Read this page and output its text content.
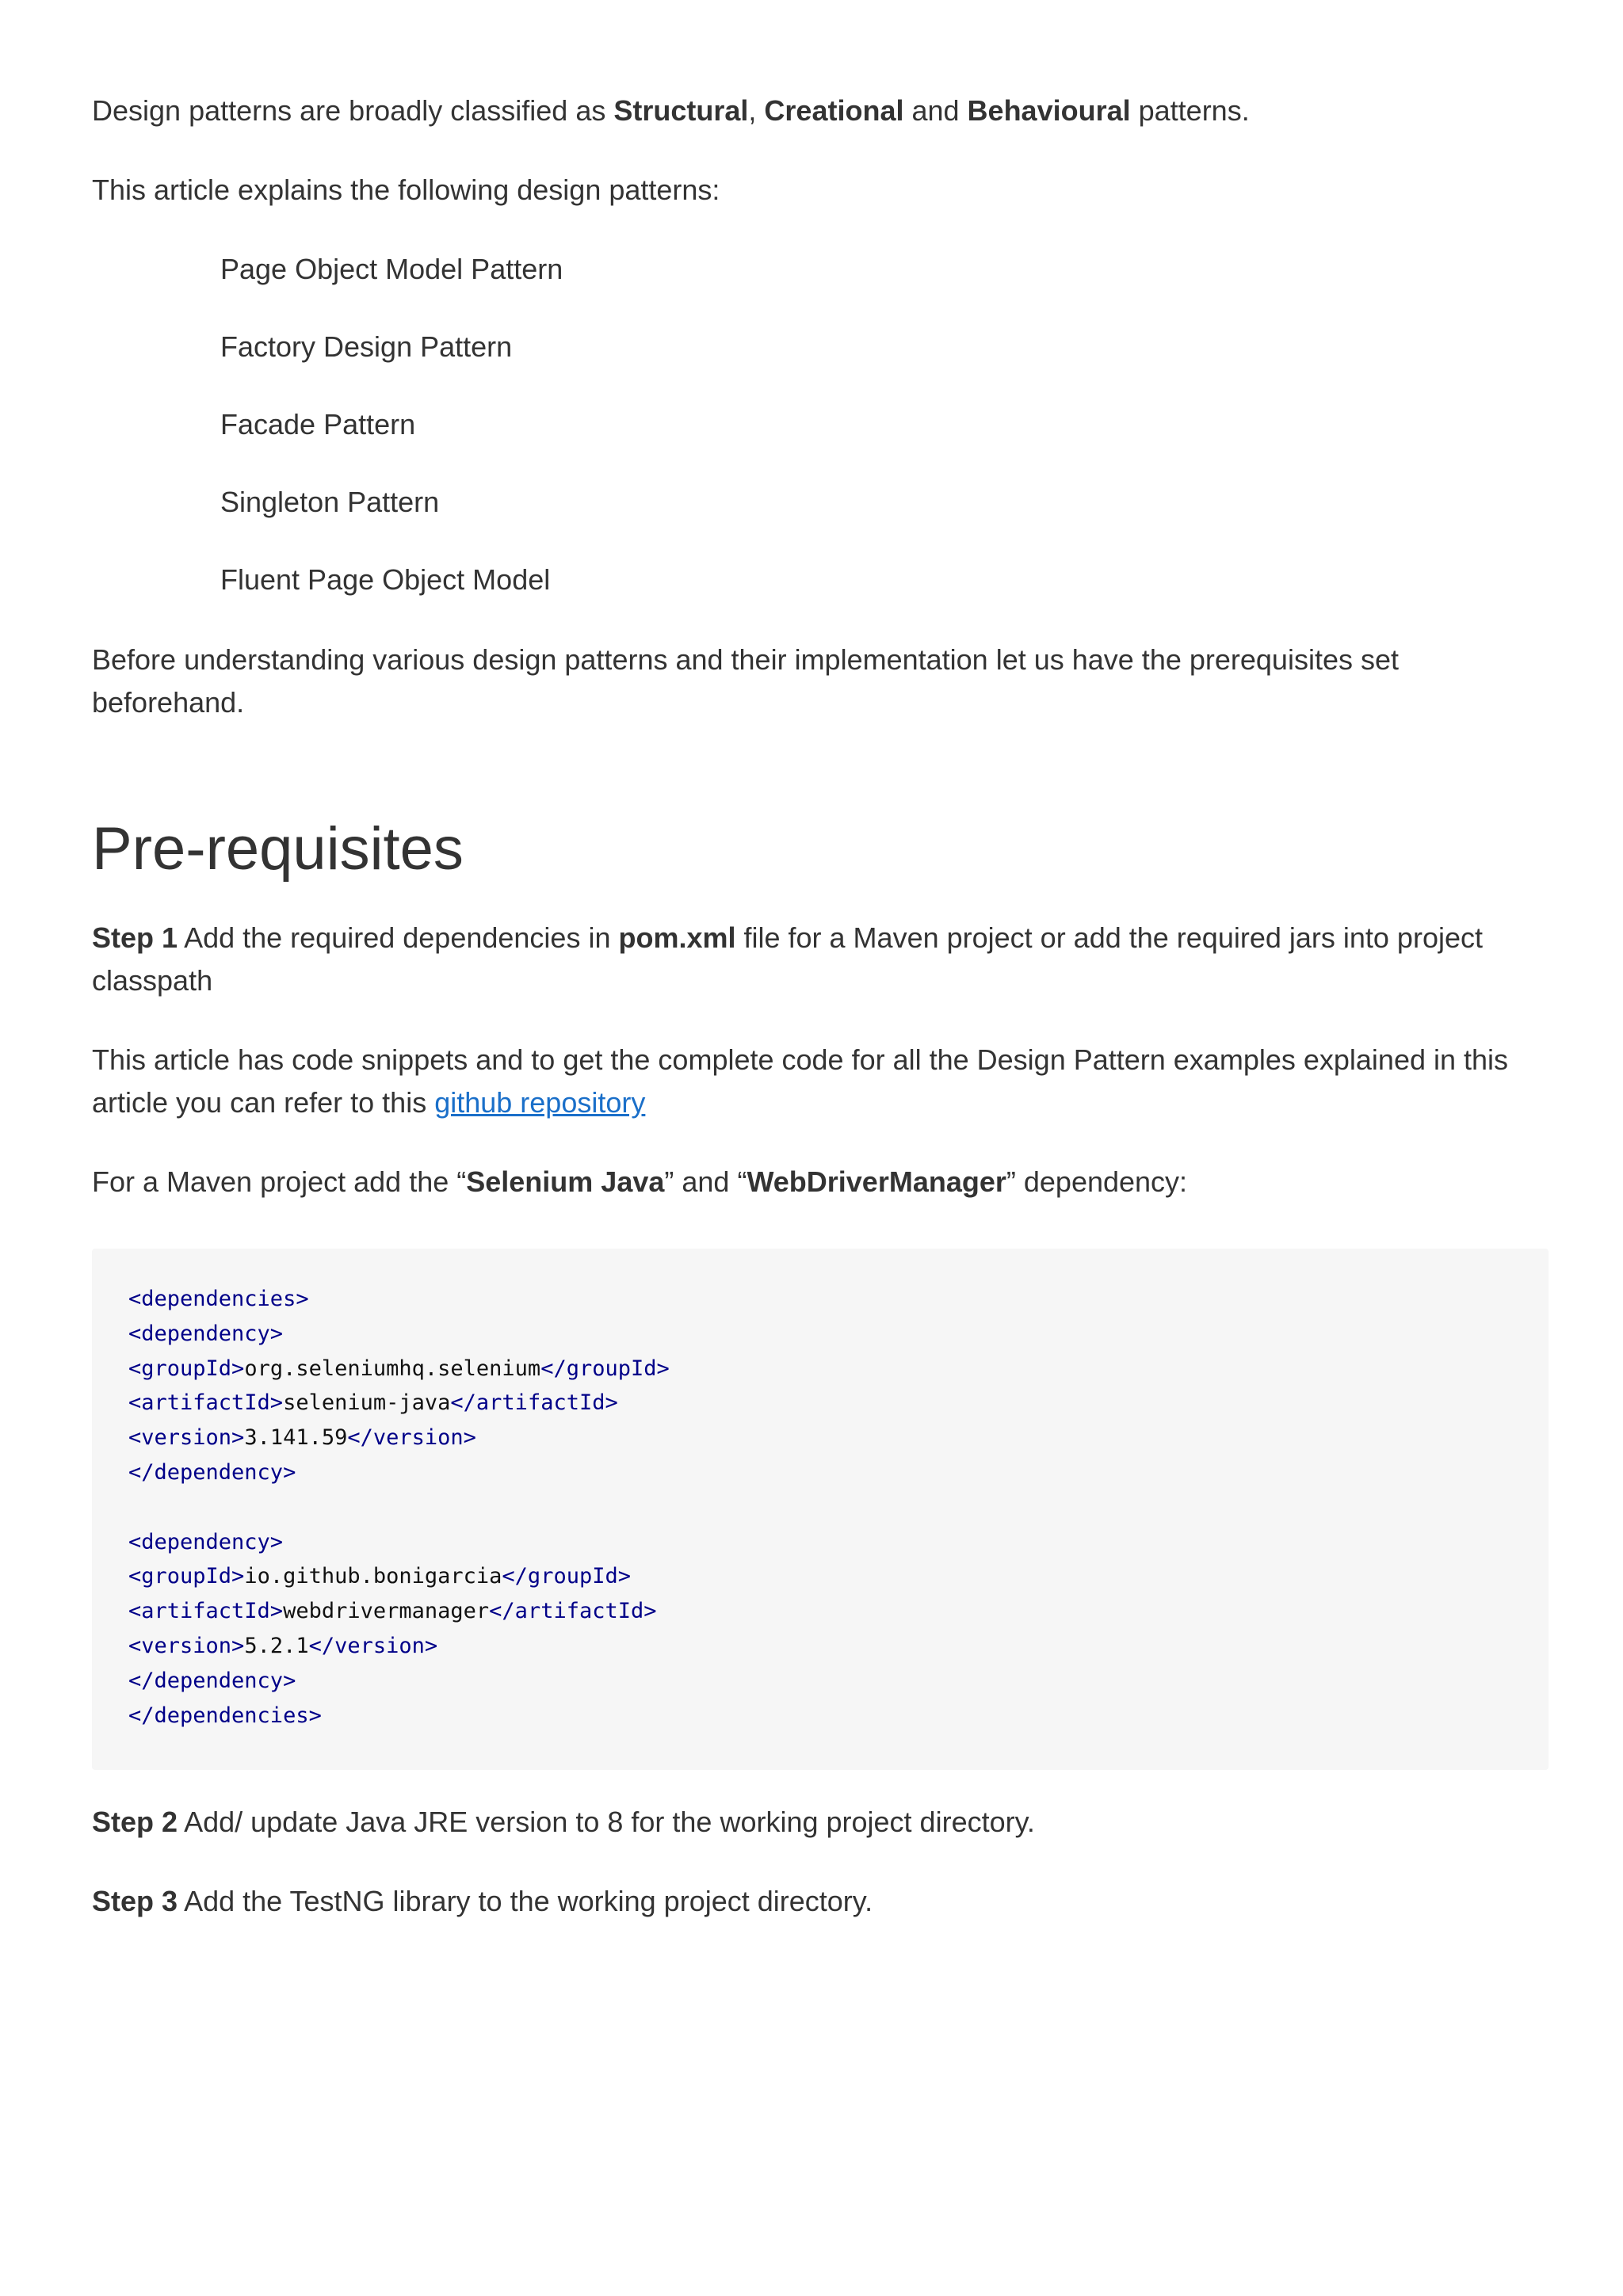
Design patterns are broadly classified as Structural, Creational and Behavioural patterns.

This article explains the following design patterns:

Page Object Model Pattern

Factory Design Pattern

Facade Pattern

Singleton Pattern

Fluent Page Object Model

Before understanding various design patterns and their implementation let us have the prerequisites set beforehand.

Pre-requisites

Step 1 Add the required dependencies in pom.xml file for a Maven project or add the required jars into project classpath

This article has code snippets and to get the complete code for all the Design Pattern examples explained in this article you can refer to this github repository

For a Maven project add the “Selenium Java” and “WebDriverManager” dependency:

<dependencies>
<dependency>
<groupId>org.seleniumhq.selenium</groupId>
<artifactId>selenium-java</artifactId>
<version>3.141.59</version>
</dependency>
<dependency>
<groupId>io.github.bonigarcia</groupId>
<artifactId>webdrivermanager</artifactId>
<version>5.2.1</version>
</dependency>
</dependencies>

Step 2 Add/ update Java JRE version to 8 for the working project directory.

Step 3 Add the TestNG library to the working project directory.
